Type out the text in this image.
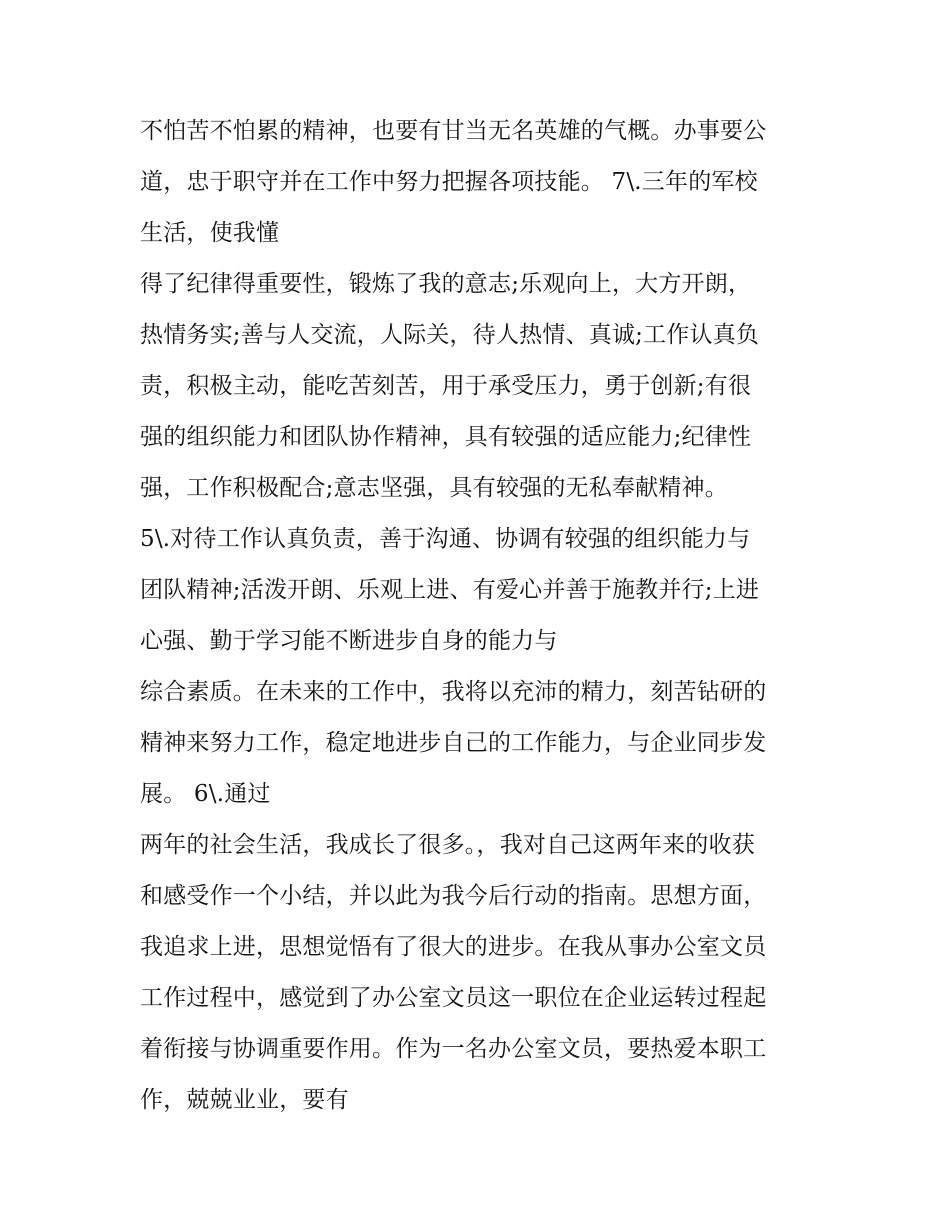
不怕苦不怕累的精神，也要有甘当无名英雄的气概。办事要公
道，忠于职守并在工作中努力把握各项技能。 7\.三年的军校
生活，使我懂
得了纪律得重要性，锻炼了我的意志;乐观向上，大方开朗，
热情务实;善与人交流，人际关，待人热情、真诚;工作认真负
责，积极主动，能吃苦刻苦，用于承受压力，勇于创新;有很
强的组织能力和团队协作精神，具有较强的适应能力;纪律性
强，工作积极配合;意志坚强，具有较强的无私奉献精神。
5\.对待工作认真负责，善于沟通、协调有较强的组织能力与
团队精神;活泼开朗、乐观上进、有爱心并善于施教并行;上进
心强、勤于学习能不断进步自身的能力与
综合素质。在未来的工作中，我将以充沛的精力，刻苦钻研的
精神来努力工作，稳定地进步自己的工作能力，与企业同步发
展。 6\.通过
两年的社会生活，我成长了很多。，我对自己这两年来的收获
和感受作一个小结，并以此为我今后行动的指南。思想方面，
我追求上进，思想觉悟有了很大的进步。在我从事办公室文员
工作过程中，感觉到了办公室文员这一职位在企业运转过程起
着衔接与协调重要作用。作为一名办公室文员，要热爱本职工
作，兢兢业业，要有
